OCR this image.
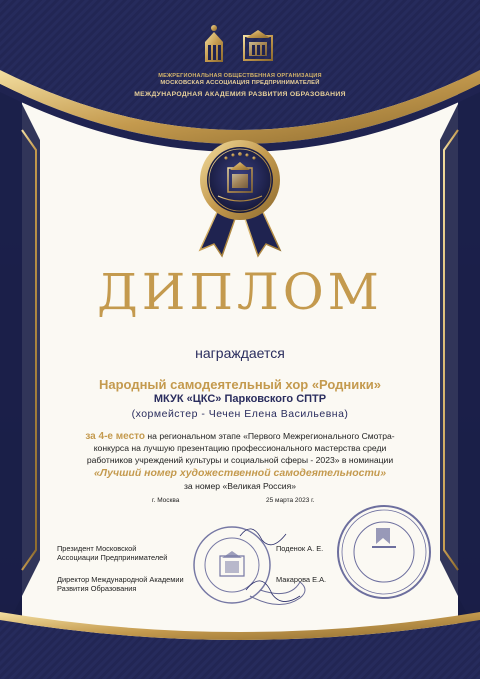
МЕЖРЕГИОНАЛЬНАЯ ОБЩЕСТВЕННАЯ ОРГАНИЗАЦИЯ
МОСКОВСКАЯ АССОЦИАЦИЯ ПРЕДПРИНИМАТЕЛЕЙ
МЕЖДУНАРОДНАЯ АКАДЕМИЯ РАЗВИТИЯ ОБРАЗОВАНИЯ
ДИПЛОМ
награждается
Народный самодеятельный хор «Родники»
МКУК «ЦКС» Парковского СПТР
(хормейстер - Чечен Елена Васильевна)
за 4-е место на региональном этапе «Первого Межрегионального Смотра-
конкурса на лучшую презентацию профессионального мастерства среди
работников учреждений культуры и социальной сферы - 2023» в номинации
«Лучший номер художественной самодеятельности»
за номер «Великая Россия»
г. Москва	25 марта 2023 г.
Президент Московской
Ассоциации Предпринимателей
Поденок А. Е.
Директор Международной Академии
Развития Образования
Макарова Е.А.
